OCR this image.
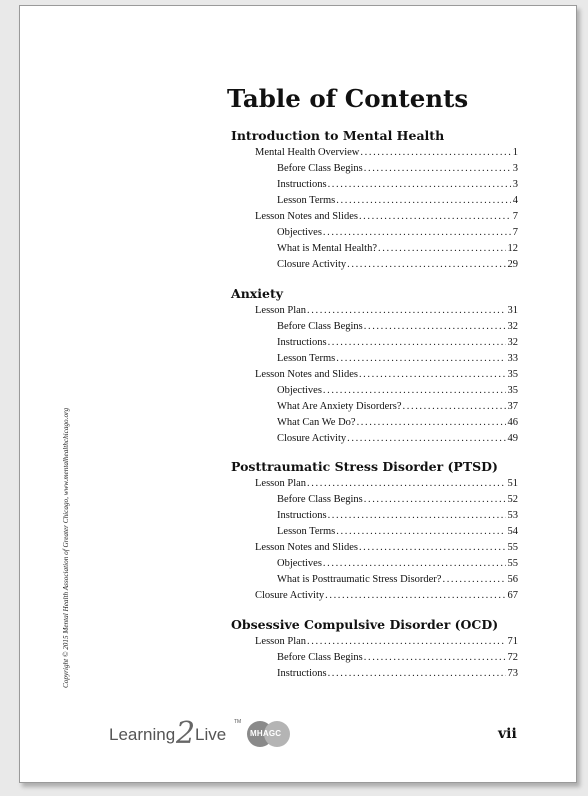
Table of Contents
Introduction to Mental Health
Mental Health Overview .....	1
Before Class Begins .....	3
Instructions .....	3
Lesson Terms .....	4
Lesson Notes and Slides .....	7
Objectives .....	7
What is Mental Health? .....	12
Closure Activity .....	29
Anxiety
Lesson Plan .....	31
Before Class Begins .....	32
Instructions .....	32
Lesson Terms .....	33
Lesson Notes and Slides .....	35
Objectives .....	35
What Are Anxiety Disorders? .....	37
What Can We Do? .....	46
Closure Activity .....	49
Posttraumatic Stress Disorder (PTSD)
Lesson Plan .....	51
Before Class Begins .....	52
Instructions .....	53
Lesson Terms .....	54
Lesson Notes and Slides .....	55
Objectives .....	55
What is Posttraumatic Stress Disorder? .....	56
Closure Activity .....	67
Obsessive Compulsive Disorder (OCD)
Lesson Plan .....	71
Before Class Begins .....	72
Instructions .....	73
Copyright © 2015 Mental Health Association of Greater Chicago, www.mentalhealthchicago.org
Learning 2 Live
TM
MHAGC	vii
